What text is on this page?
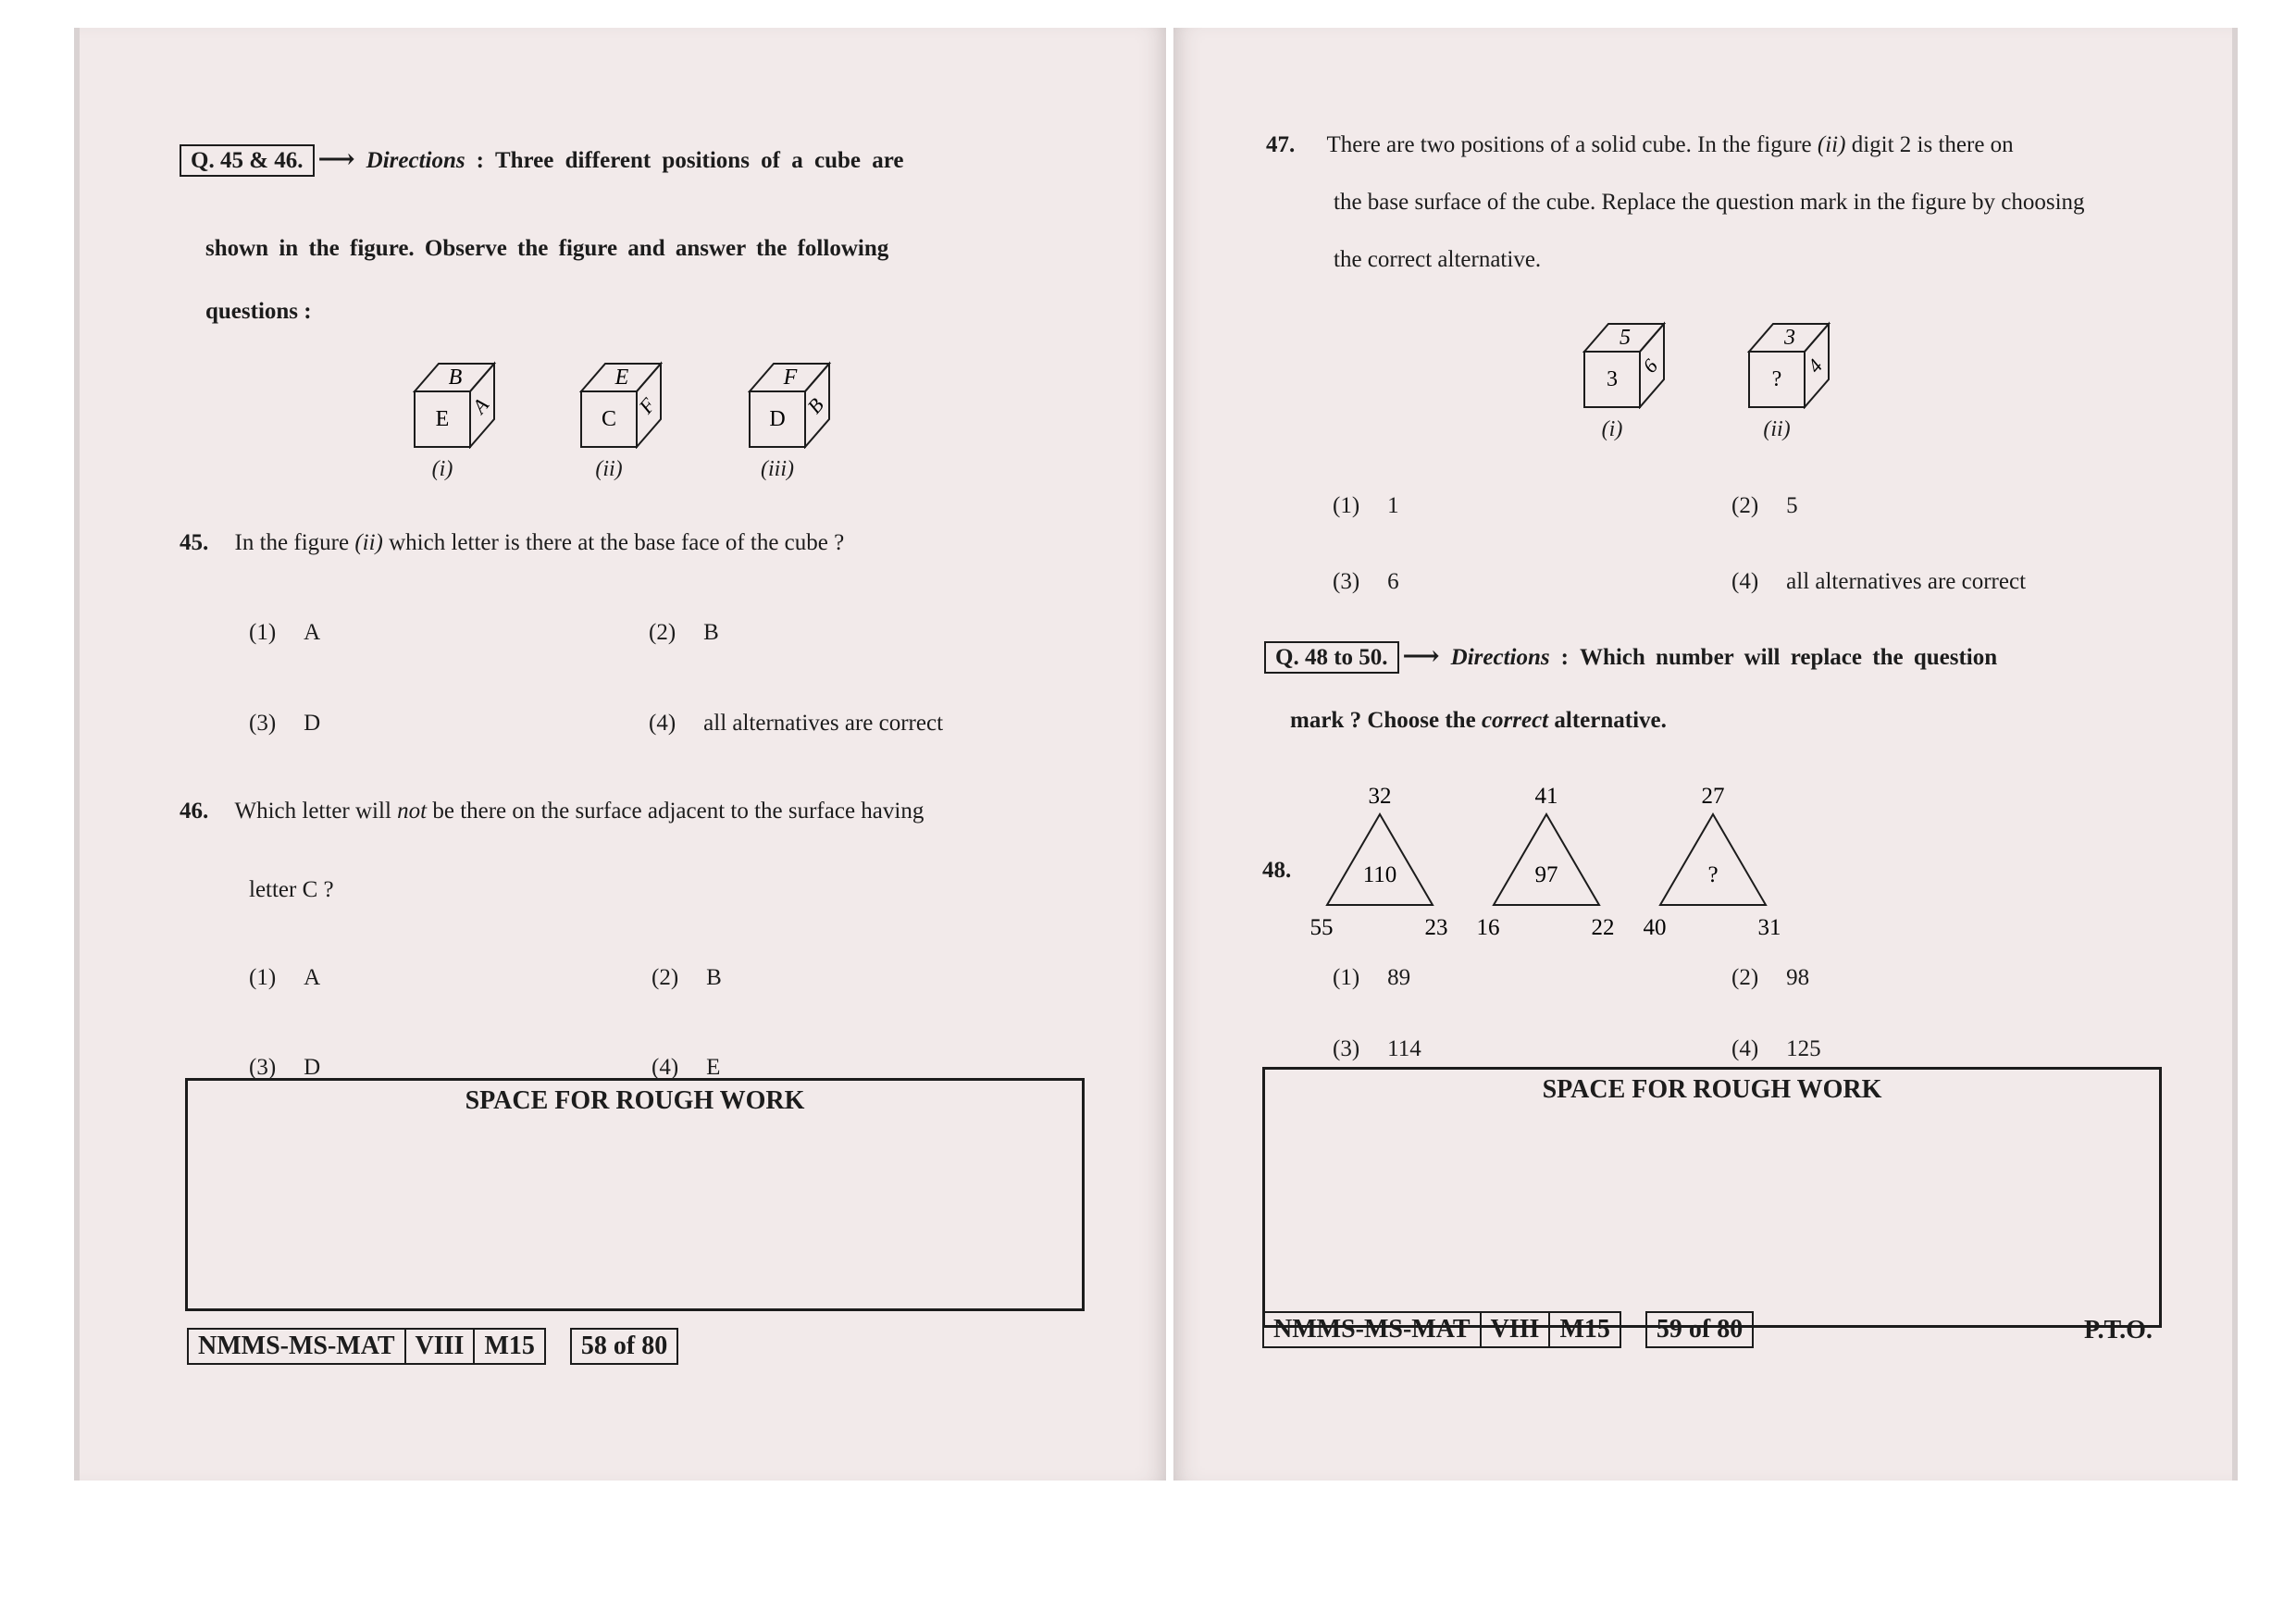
Q. 45 & 46. ⟶ Directions : Three different positions of a cube are
shown in the figure. Observe the figure and answer the following
questions :
E
B
A
(i)
C
E
F
(ii)
D
F
B
(iii)
45. In the figure (ii) which letter is there at the base face of the cube ?
(1) A	(2) B
(3) D	(4) all alternatives are correct
46. Which letter will not be there on the surface adjacent to the surface having
letter C ?
(1) A	(2) B
(3) D	(4) E
SPACE FOR ROUGH WORK
NMMS-MS-MAT VIII M15	58 of 80
47. There are two positions of a solid cube. In the figure (ii) digit 2 is there on
the base surface of the cube. Replace the question mark in the figure by choosing
the correct alternative.
3
5
6
(i)
?
3
4
(ii)
(1) 1	(2) 5
(3) 6	(4) all alternatives are correct
Q. 48 to 50. ⟶ Directions : Which number will replace the question
mark ? Choose the correct alternative.
48.
32
110
55	23
41
97
16	22
27
?
40	31
(1) 89	(2) 98
(3) 114	(4) 125
SPACE FOR ROUGH WORK
NMMS-MS-MAT VIII M15	59 of 80	P.T.O.
